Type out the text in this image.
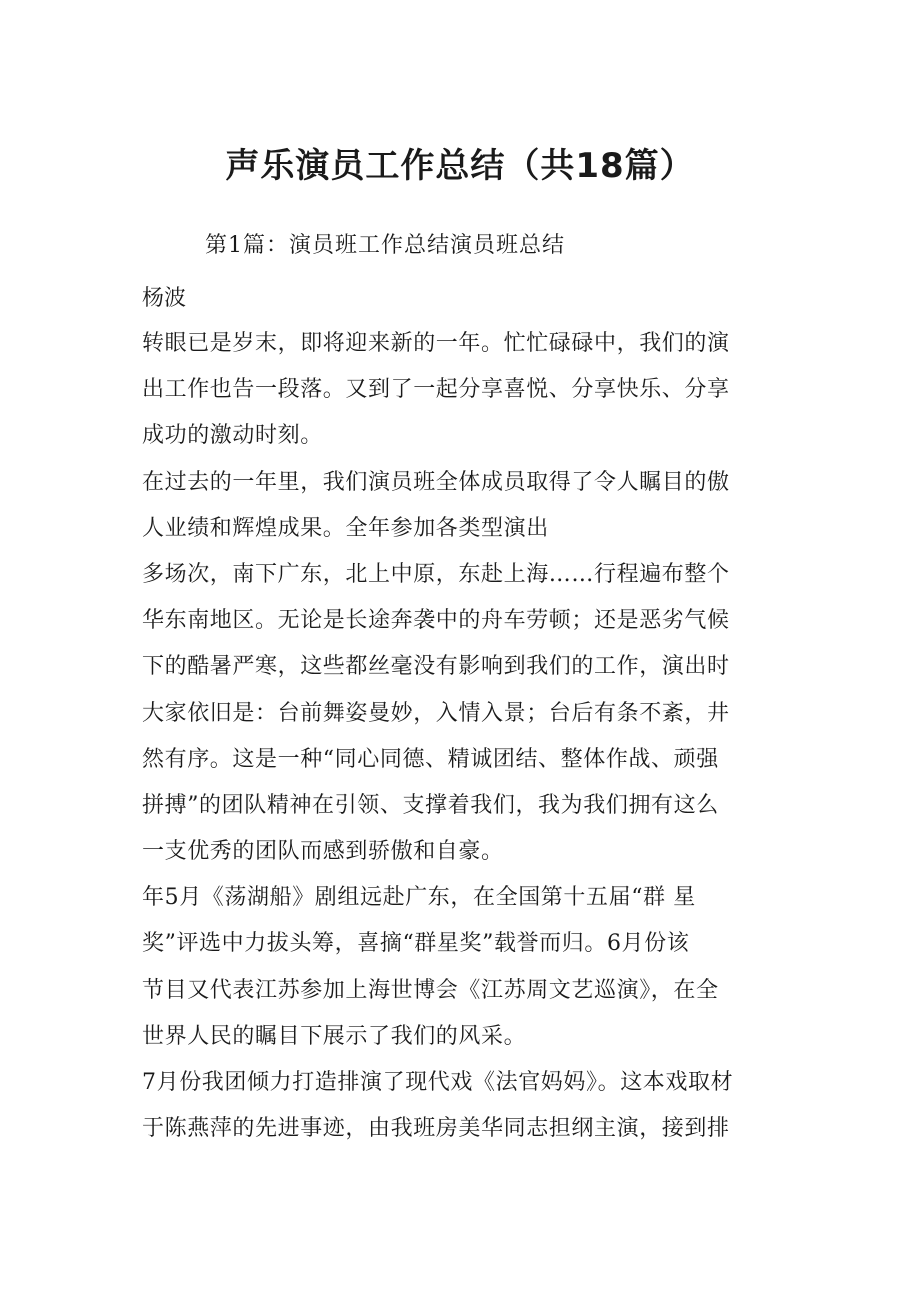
声乐演员工作总结（共18篇）

第1篇：演员班工作总结演员班总结

杨波

转眼已是岁末，即将迎来新的一年。忙忙碌碌中，我们的演
出工作也告一段落。又到了一起分享喜悦、分享快乐、分享
成功的激动时刻。
在过去的一年里，我们演员班全体成员取得了令人瞩目的傲
人业绩和辉煌成果。全年参加各类型演出
多场次，南下广东，北上中原，东赴上海……行程遍布整个
华东南地区。无论是长途奔袭中的舟车劳顿；还是恶劣气候
下的酷暑严寒，这些都丝毫没有影响到我们的工作，演出时
大家依旧是：台前舞姿曼妙，入情入景；台后有条不紊，井
然有序。这是一种“同心同德、精诚团结、整体作战、顽强
拼搏”的团队精神在引领、支撑着我们，我为我们拥有这么
一支优秀的团队而感到骄傲和自豪。
年5月《荡湖船》剧组远赴广东，在全国第十五届“群 星
奖”评选中力拔头筹，喜摘“群星奖”载誉而归。6月份该
节目又代表江苏参加上海世博会《江苏周文艺巡演》，在全
世界人民的瞩目下展示了我们的风采。
7月份我团倾力打造排演了现代戏《法官妈妈》。这本戏取材
于陈燕萍的先进事迹，由我班房美华同志担纲主演，接到排
